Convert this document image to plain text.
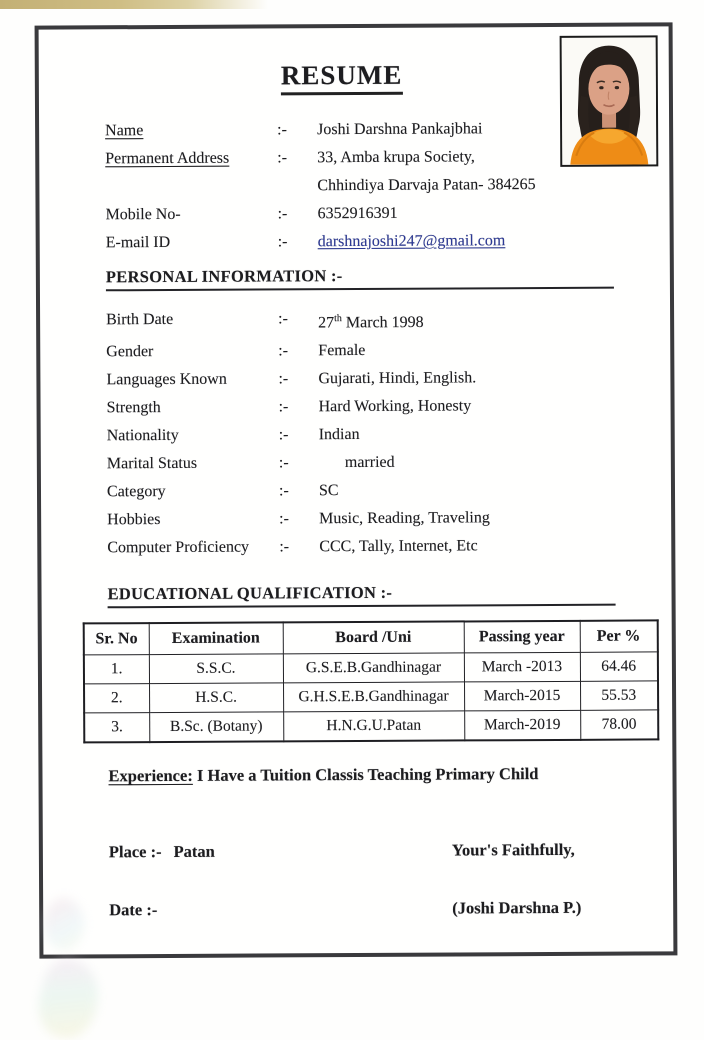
RESUME
Name	:-	Joshi Darshna Pankajbhai
Permanent Address	:-	33, Amba krupa Society,
Chhindiya Darvaja Patan- 384265
Mobile No-	:-	6352916391
E-mail ID	:-	darshnajoshi247@gmail.com
PERSONAL INFORMATION :-
Birth Date	:-	27th March 1998
Gender	:-	Female
Languages Known	:-	Gujarati, Hindi, English.
Strength	:-	Hard Working, Honesty
Nationality	:-	Indian
Marital Status	:-	married
Category	:-	SC
Hobbies	:-	Music, Reading, Traveling
Computer Proficiency	:-	CCC, Tally, Internet, Etc
EDUCATIONAL QUALIFICATION :-
Sr. No	Examination	Board /Uni	Passing year	Per %
1.	S.S.C.	G.S.E.B.Gandhinagar	March -2013	64.46
2.	H.S.C.	G.H.S.E.B.Gandhinagar	March-2015	55.53
3.	B.Sc. (Botany)	H.N.G.U.Patan	March-2019	78.00
Experience: I Have a Tuition Classis Teaching Primary Child
Place :- Patan	Your's Faithfully,
Date :-	(Joshi Darshna P.)
